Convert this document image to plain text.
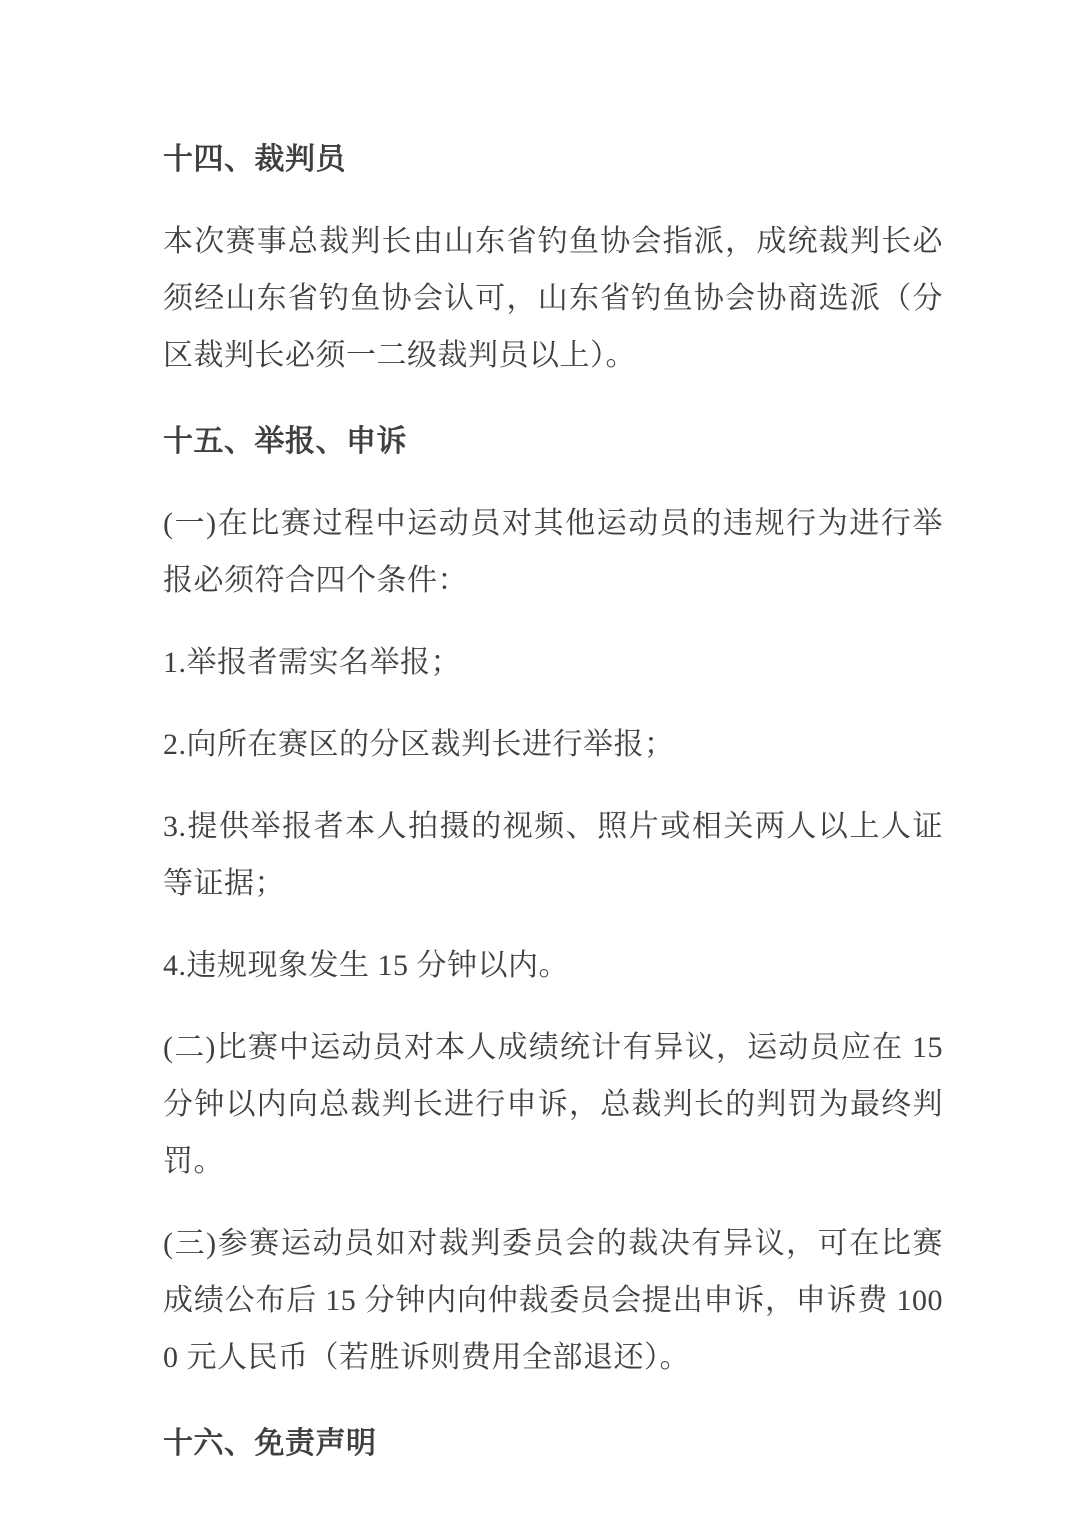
十四、裁判员
本次赛事总裁判长由山东省钓鱼协会指派，成统裁判长必须经山东省钓鱼协会认可，山东省钓鱼协会协商选派（分区裁判长必须一二级裁判员以上）。
十五、举报、申诉
(一)在比赛过程中运动员对其他运动员的违规行为进行举报必须符合四个条件：
1.举报者需实名举报；
2.向所在赛区的分区裁判长进行举报；
3.提供举报者本人拍摄的视频、照片或相关两人以上人证等证据；
4.违规现象发生 15 分钟以内。
(二)比赛中运动员对本人成绩统计有异议，运动员应在 15 分钟以内向总裁判长进行申诉，总裁判长的判罚为最终判罚。
(三)参赛运动员如对裁判委员会的裁决有异议，可在比赛成绩公布后 15 分钟内向仲裁委员会提出申诉，申诉费 1000 元人民币（若胜诉则费用全部退还）。
十六、免责声明
